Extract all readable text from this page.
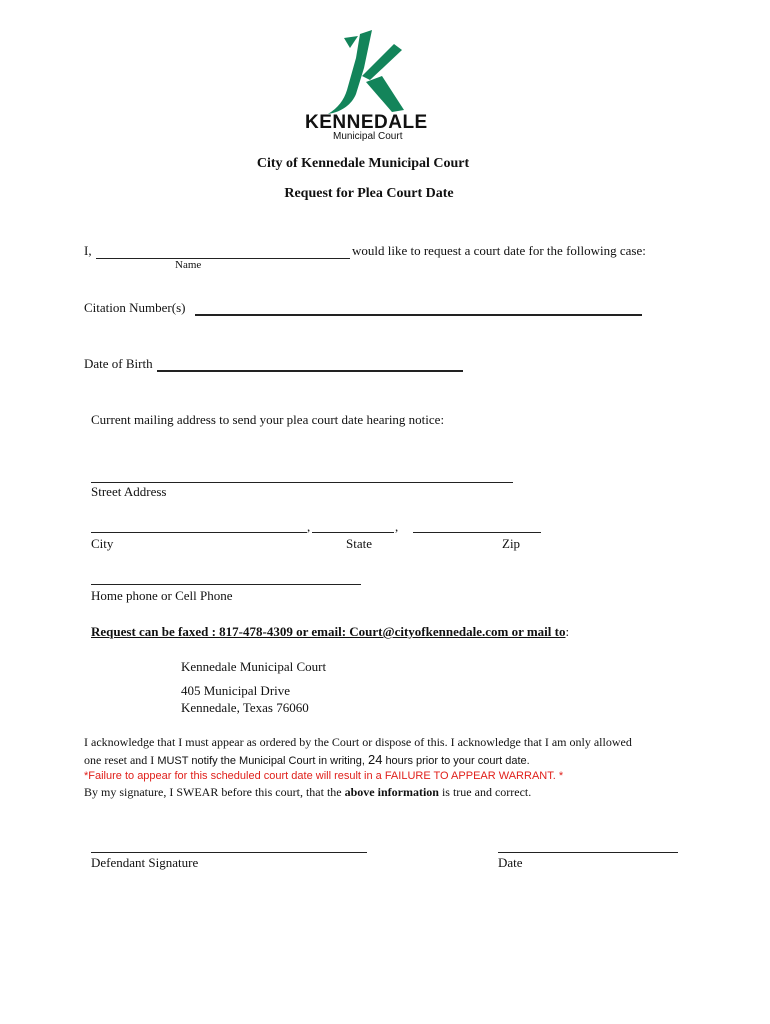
KENNEDALE
Municipal Court
City of Kennedale Municipal Court
Request for Plea Court Date
I,	would like to request a court date for the following case:
Name
Citation Number(s)
Date of Birth
Current mailing address to send your plea court date hearing notice:
Street Address
,	,
City	State	Zip
Home phone or Cell Phone
Request can be faxed : 817-478-4309 or email: Court@cityofkennedale.com or mail to:
Kennedale Municipal Court
405 Municipal Drive
Kennedale, Texas 76060
I acknowledge that I must appear as ordered by the Court or dispose of this. I acknowledge that I am only allowed
one reset and I MUST notify the Municipal Court in writing, 24 hours prior to your court date.
*Failure to appear for this scheduled court date will result in a FAILURE TO APPEAR WARRANT. *
By my signature, I SWEAR before this court, that the above information is true and correct.
Defendant Signature	Date
